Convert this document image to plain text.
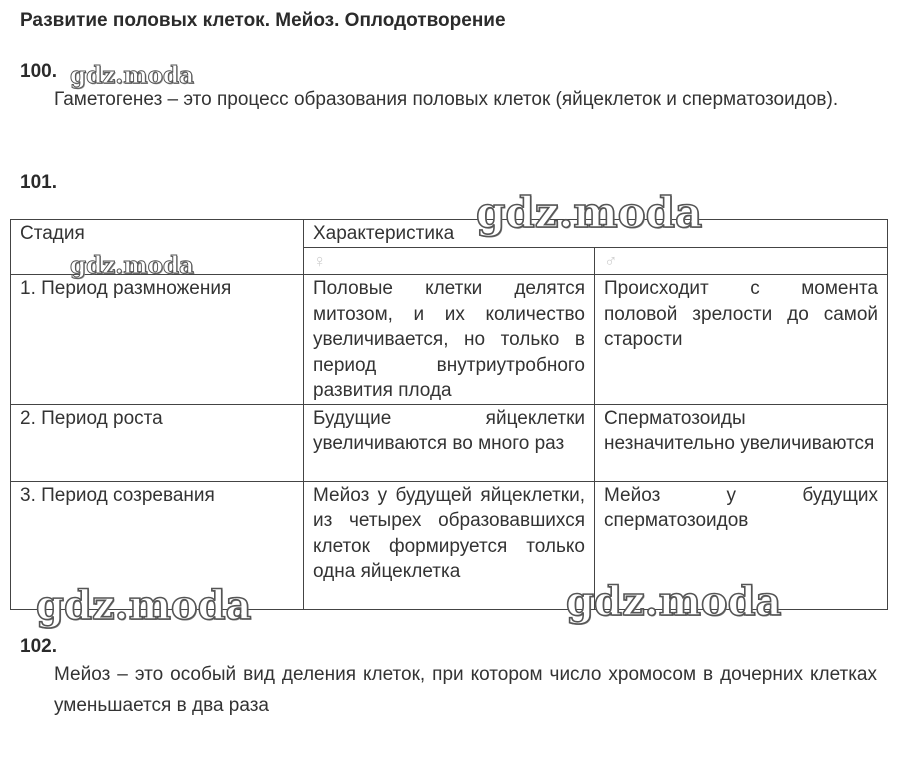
Развитие половых клеток. Мейоз. Оплодотворение
100.
Гаметогенез – это процесс образования половых клеток (яйцеклеток и сперматозоидов).
101.
Стадия	Характеристика	
	♀	♂
1. Период размножения	Половые клетки делятся митозом, и их количество увеличивается, но только в период внутриутробного развития плода	Происходит с момента половой зрелости до самой старости
2. Период роста	Будущие яйцеклетки увеличиваются во много раз	Сперматозоиды незначительно увеличиваются
3. Период созревания	Мейоз у будущей яйцеклетки, из четырех образовавшихся клеток формируется только одна яйцеклетка	Мейоз у будущих сперматозоидов
102.
Мейоз – это особый вид деления клеток, при котором число хромосом в дочерних клетках уменьшается в два раза
gdz.moda
gdz.moda
gdz.moda
gdz.moda	gdz.moda
